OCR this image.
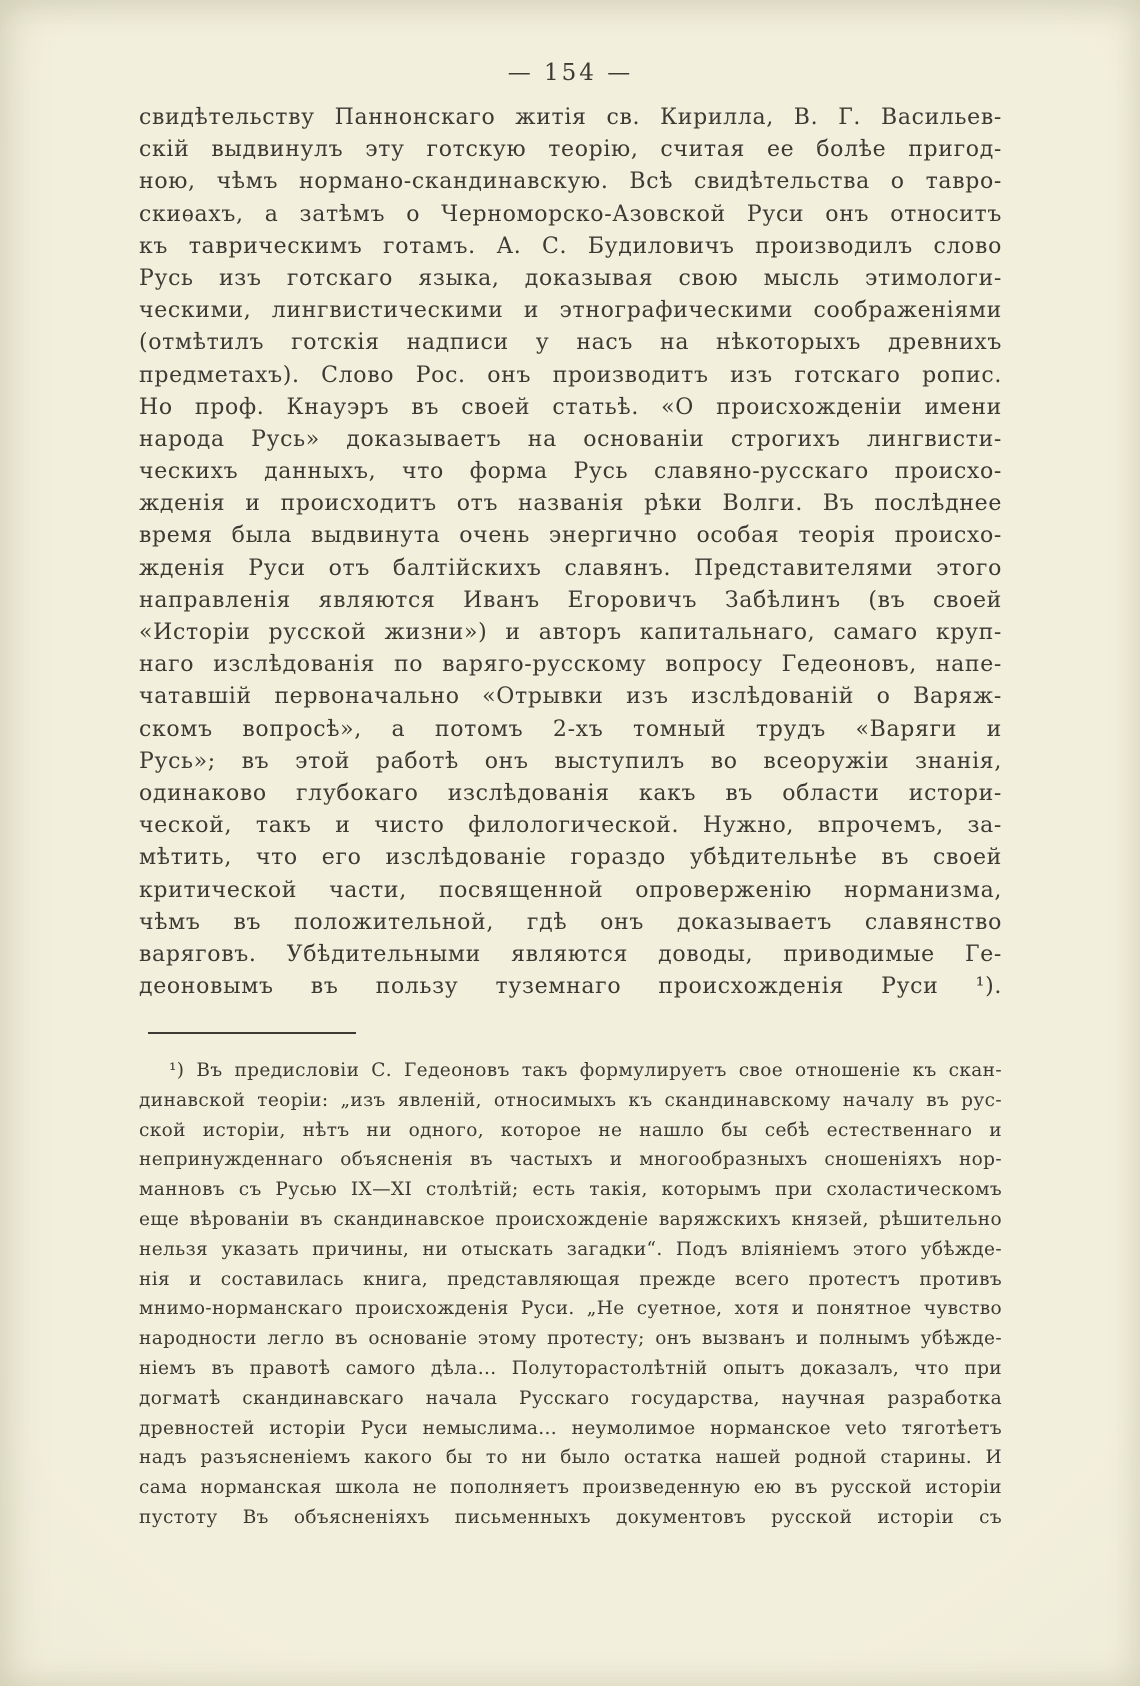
— 154 —
свидѣтельству Паннонскаго житія св. Кирилла, В. Г. Васильев-
скій выдвинулъ эту готскую теорію, считая ее болѣе пригод-
ною, чѣмъ нормано-скандинавскую. Всѣ свидѣтельства о тавро-
скиѳахъ, а затѣмъ о Черноморско-Азовской Руси онъ относитъ
къ таврическимъ готамъ. А. С. Будиловичъ производилъ слово
Русь изъ готскаго языка, доказывая свою мысль этимологи-
ческими, лингвистическими и этнографическими соображеніями
(отмѣтилъ готскія надписи у насъ на нѣкоторыхъ древнихъ
предметахъ). Слово Рос. онъ производитъ изъ готскаго ропис.
Но проф. Кнауэръ въ своей статьѣ. «О происхожденіи имени
народа Русь» доказываетъ на основаніи строгихъ лингвисти-
ческихъ данныхъ, что форма Русь славяно-русскаго происхо-
жденія и происходитъ отъ названія рѣки Волги. Въ послѣднее
время была выдвинута очень энергично особая теорія происхо-
жденія Руси отъ балтійскихъ славянъ. Представителями этого
направленія являются Иванъ Егоровичъ Забѣлинъ (въ своей
«Исторіи русской жизни») и авторъ капитальнаго, самаго круп-
наго изслѣдованія по варяго-русскому вопросу Гедеоновъ, напе-
чатавшій первоначально «Отрывки изъ изслѣдованій о Варяж-
скомъ вопросѣ», а потомъ 2-хъ томный трудъ «Варяги и
Русь»; въ этой работѣ онъ выступилъ во всеоружіи знанія,
одинаково глубокаго изслѣдованія какъ въ области истори-
ческой, такъ и чисто филологической. Нужно, впрочемъ, за-
мѣтить, что его изслѣдованіе гораздо убѣдительнѣе въ своей
критической части, посвященной опроверженію норманизма,
чѣмъ въ положительной, гдѣ онъ доказываетъ славянство
варяговъ. Убѣдительными являются доводы, приводимые Ге-
деоновымъ въ пользу туземнаго происхожденія Руси ¹).
¹) Въ предисловіи С. Гедеоновъ такъ формулируетъ свое отношеніе къ скан-
динавской теоріи: „изъ явленій, относимыхъ къ скандинавскому началу въ рус-
ской исторіи, нѣтъ ни одного, которое не нашло бы себѣ естественнаго и
непринужденнаго объясненія въ частыхъ и многообразныхъ сношеніяхъ нор-
манновъ съ Русью IX—XI столѣтій; есть такія, которымъ при схоластическомъ
еще вѣрованіи въ скандинавское происхожденіе варяжскихъ князей, рѣшительно
нельзя указать причины, ни отыскать загадки“. Подъ вліяніемъ этого убѣжде-
нія и составилась книга, представляющая прежде всего протестъ противъ
мнимо-норманскаго происхожденія Руси. „Не суетное, хотя и понятное чувство
народности легло въ основаніе этому протесту; онъ вызванъ и полнымъ убѣжде-
ніемъ въ правотѣ самого дѣла... Полуторастолѣтній опытъ доказалъ, что при
догматѣ скандинавскаго начала Русскаго государства, научная разработка
древностей исторіи Руси немыслима... неумолимое норманское veto тяготѣетъ
надъ разъясненіемъ какого бы то ни было остатка нашей родной старины. И
сама норманская школа не пополняетъ произведенную ею въ русской исторіи
пустоту Въ объясненіяхъ письменныхъ документовъ русской исторіи съ
